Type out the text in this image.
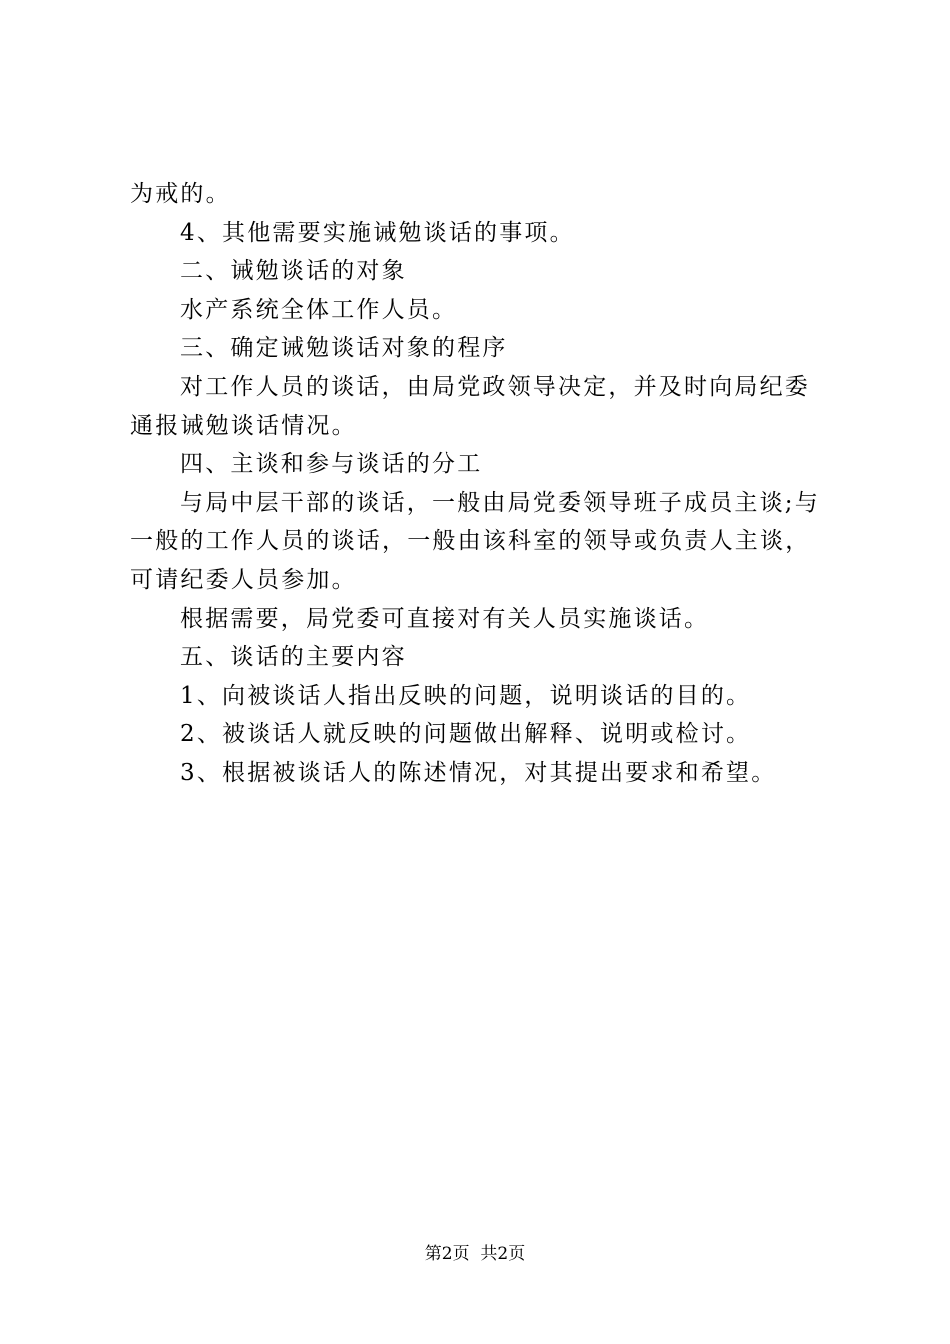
为戒的。
4、其他需要实施诫勉谈话的事项。
二、诫勉谈话的对象
水产系统全体工作人员。
三、确定诫勉谈话对象的程序
对工作人员的谈话，由局党政领导决定，并及时向局纪委
通报诫勉谈话情况。
四、主谈和参与谈话的分工
与局中层干部的谈话，一般由局党委领导班子成员主谈;与
一般的工作人员的谈话，一般由该科室的领导或负责人主谈，
可请纪委人员参加。
根据需要，局党委可直接对有关人员实施谈话。
五、谈话的主要内容
1、向被谈话人指出反映的问题，说明谈话的目的。
2、被谈话人就反映的问题做出解释、说明或检讨。
3、根据被谈话人的陈述情况，对其提出要求和希望。
第2页  共2页
